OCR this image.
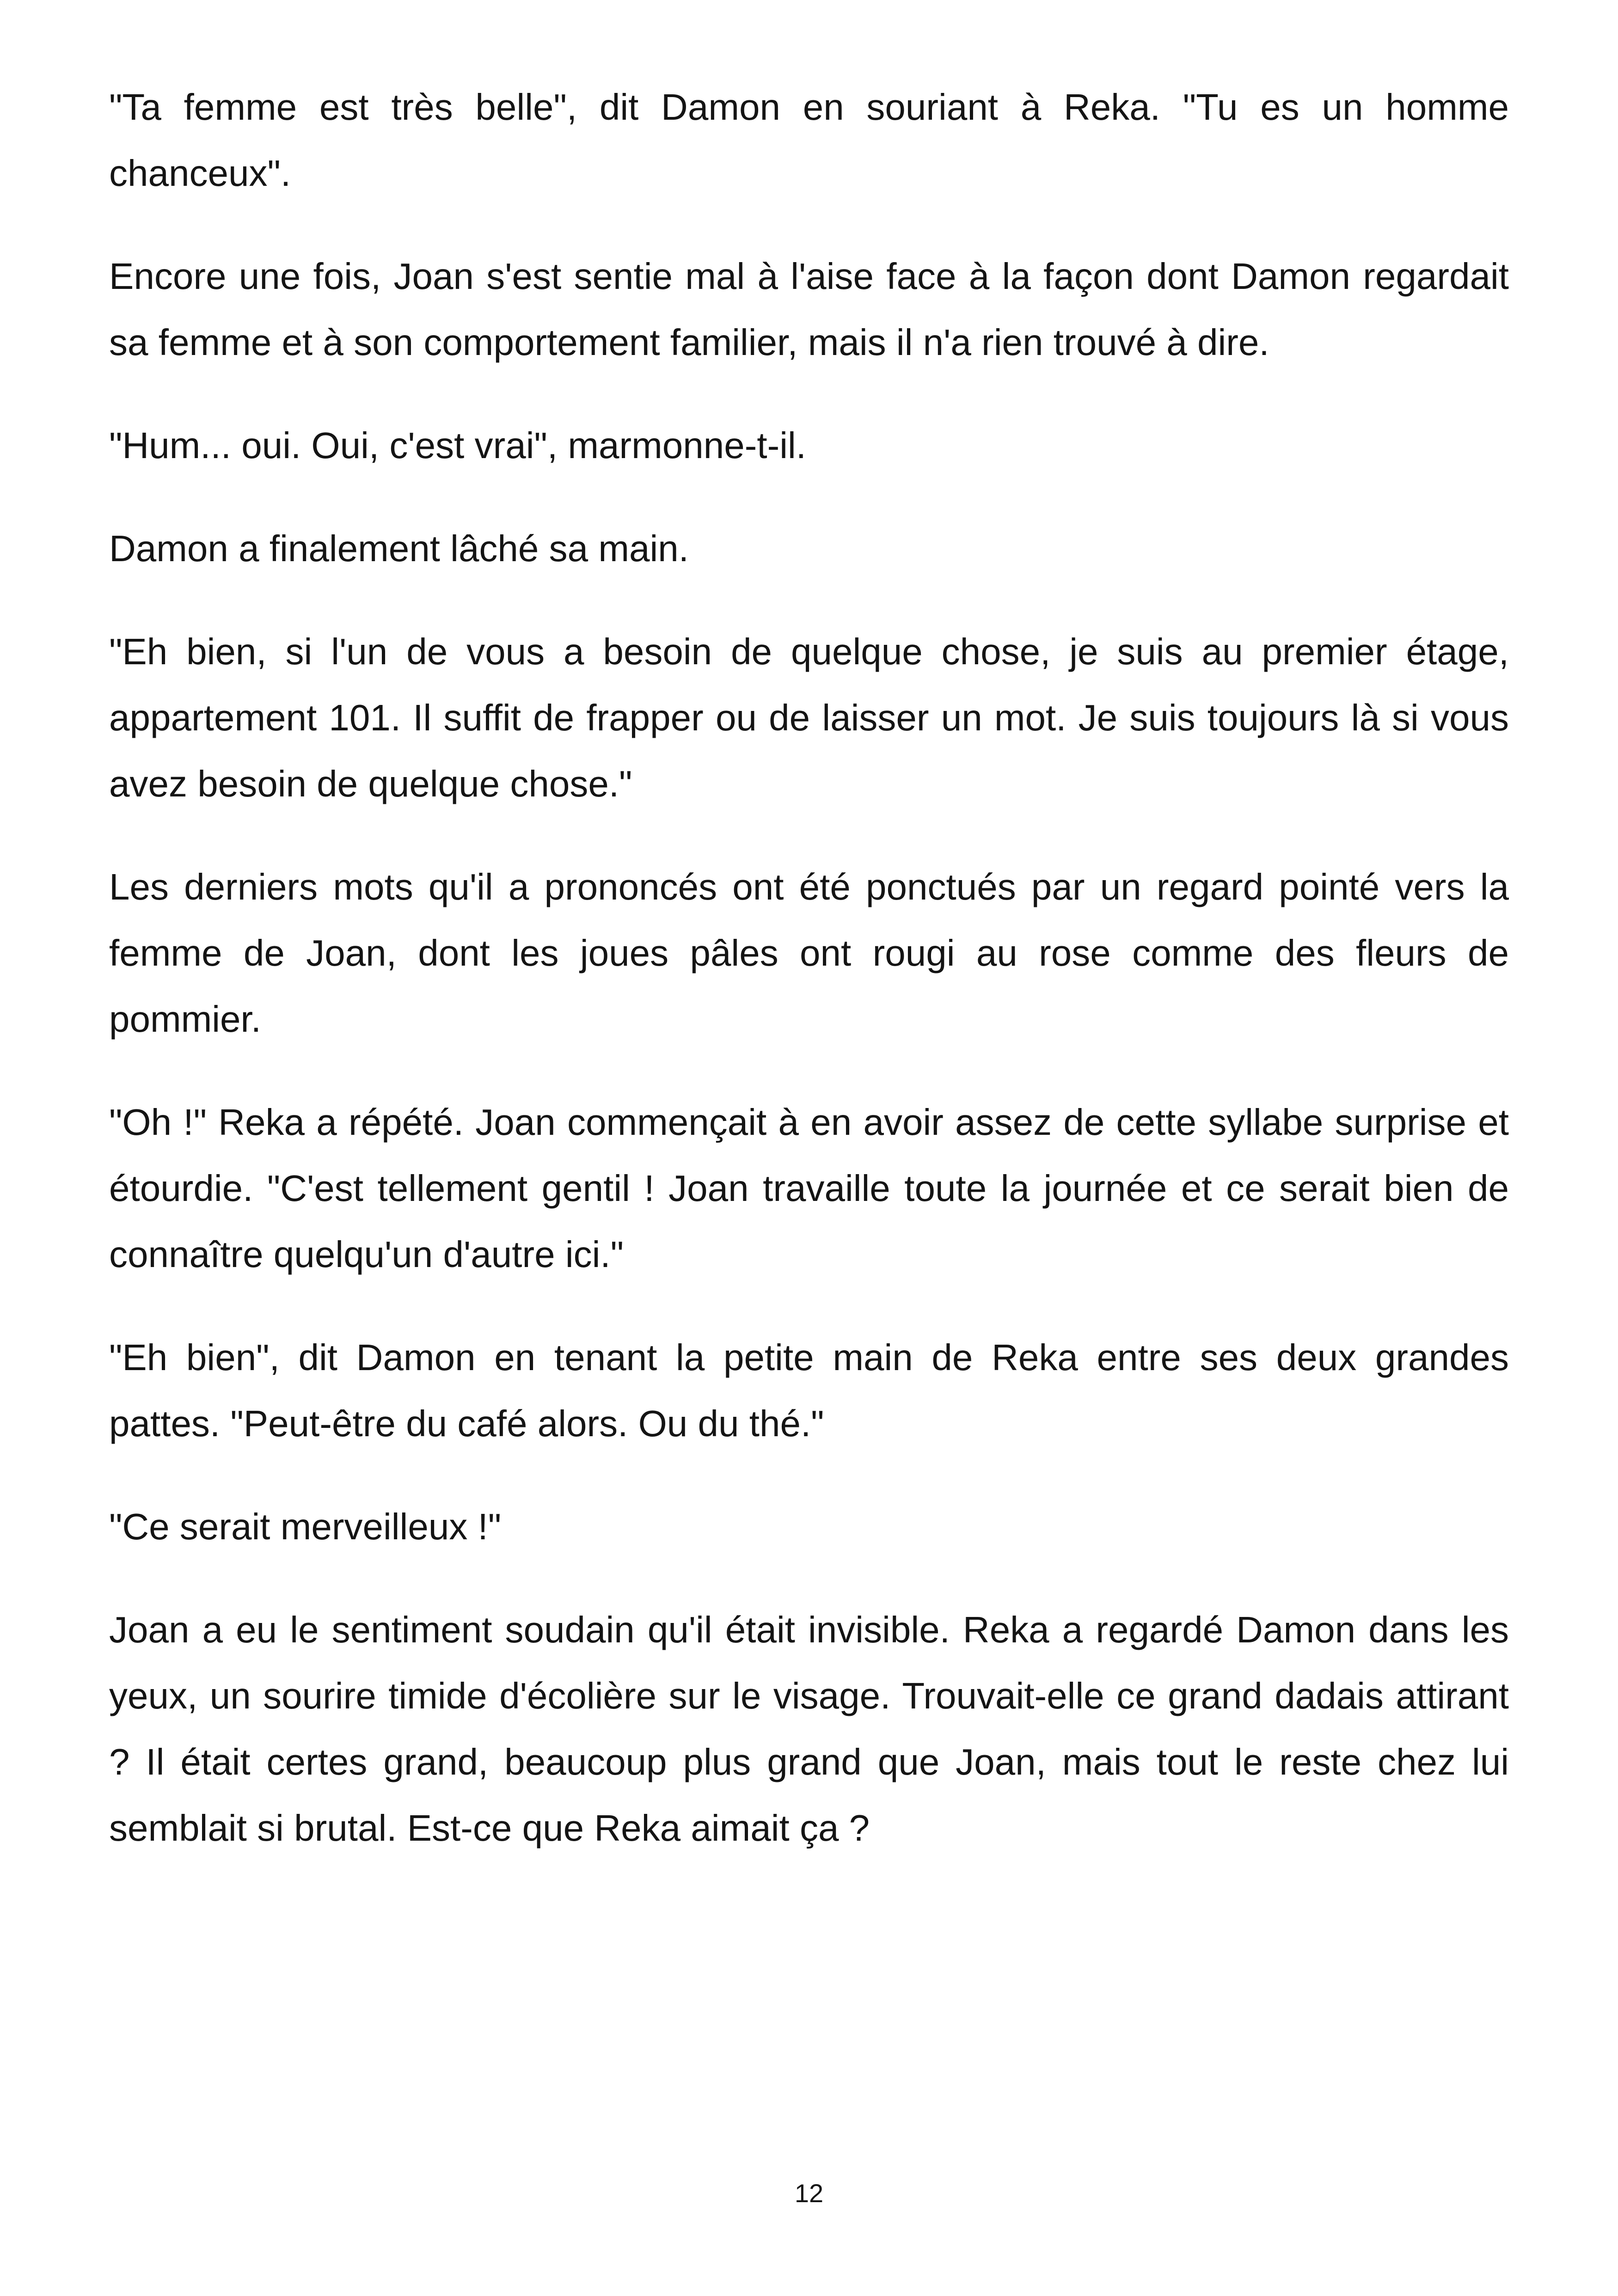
"Ta femme est très belle", dit Damon en souriant à Reka. "Tu es un homme chanceux".

Encore une fois, Joan s'est sentie mal à l'aise face à la façon dont Damon regardait sa femme et à son comportement familier, mais il n'a rien trouvé à dire.

"Hum... oui. Oui, c'est vrai", marmonne-t-il.

Damon a finalement lâché sa main.

"Eh bien, si l'un de vous a besoin de quelque chose, je suis au premier étage, appartement 101. Il suffit de frapper ou de laisser un mot. Je suis toujours là si vous avez besoin de quelque chose."

Les derniers mots qu'il a prononcés ont été ponctués par un regard pointé vers la femme de Joan, dont les joues pâles ont rougi au rose comme des fleurs de pommier.

"Oh !" Reka a répété. Joan commençait à en avoir assez de cette syllabe surprise et étourdie. "C'est tellement gentil ! Joan travaille toute la journée et ce serait bien de connaître quelqu'un d'autre ici."

"Eh bien", dit Damon en tenant la petite main de Reka entre ses deux grandes pattes. "Peut-être du café alors. Ou du thé."

"Ce serait merveilleux !"

Joan a eu le sentiment soudain qu'il était invisible. Reka a regardé Damon dans les yeux, un sourire timide d'écolière sur le visage. Trouvait-elle ce grand dadais attirant ? Il était certes grand, beaucoup plus grand que Joan, mais tout le reste chez lui semblait si brutal. Est-ce que Reka aimait ça ?

12
